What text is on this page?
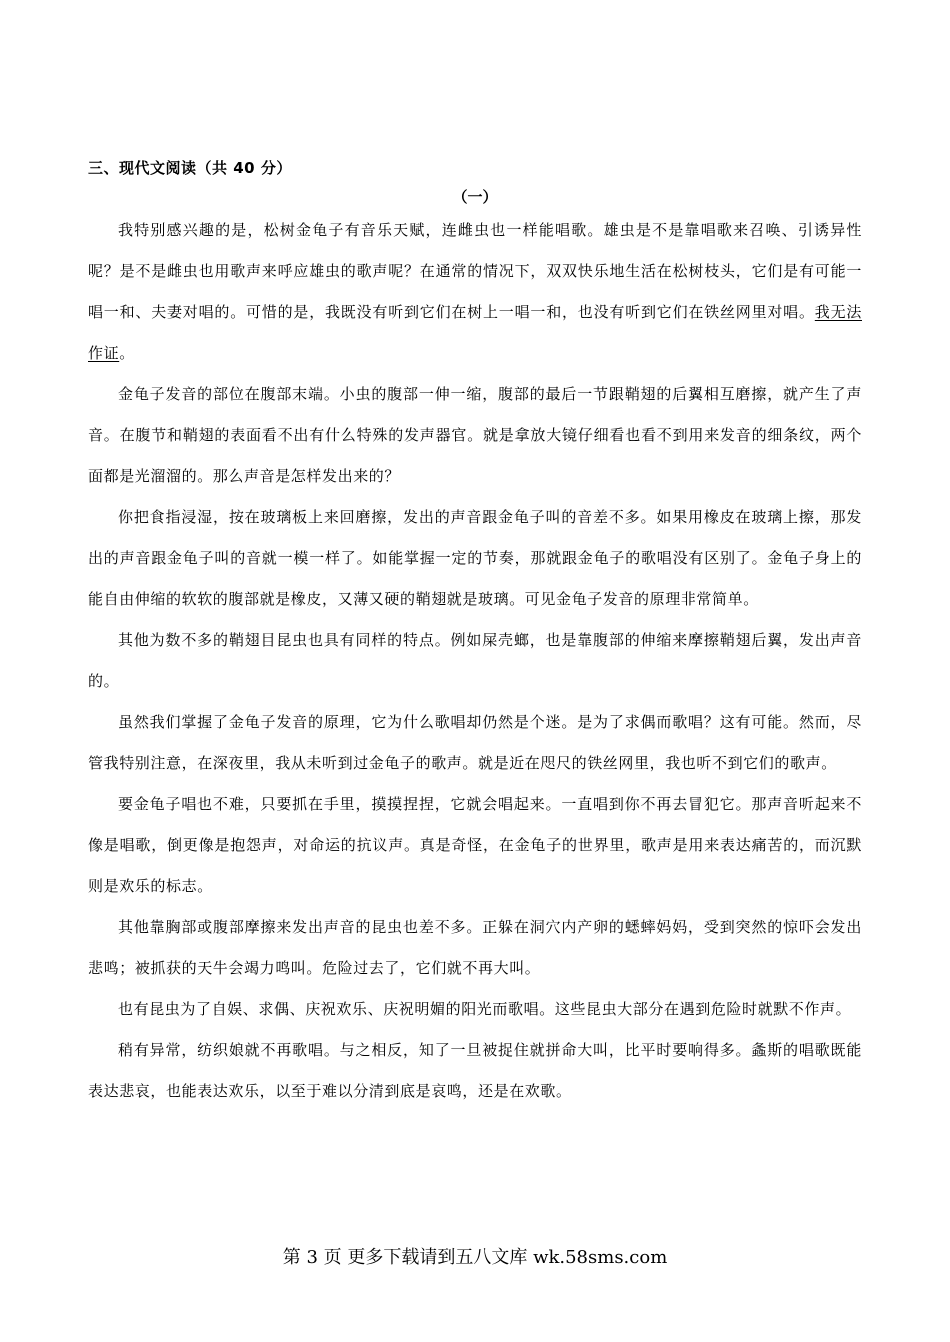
三、现代文阅读（共 40 分）
（一）

我特别感兴趣的是，松树金龟子有音乐天赋，连雌虫也一样能唱歌。雄虫是不是靠唱歌来召唤、引诱异性呢？是不是雌虫也用歌声来呼应雄虫的歌声呢？在通常的情况下，双双快乐地生活在松树枝头，它们是有可能一唱一和、夫妻对唱的。可惜的是，我既没有听到它们在树上一唱一和，也没有听到它们在铁丝网里对唱。我无法作证。

金龟子发音的部位在腹部末端。小虫的腹部一伸一缩，腹部的最后一节跟鞘翅的后翼相互磨擦，就产生了声音。在腹节和鞘翅的表面看不出有什么特殊的发声器官。就是拿放大镜仔细看也看不到用来发音的细条纹，两个面都是光溜溜的。那么声音是怎样发出来的？

你把食指浸湿，按在玻璃板上来回磨擦，发出的声音跟金龟子叫的音差不多。如果用橡皮在玻璃上擦，那发出的声音跟金龟子叫的音就一模一样了。如能掌握一定的节奏，那就跟金龟子的歌唱没有区别了。金龟子身上的能自由伸缩的软软的腹部就是橡皮，又薄又硬的鞘翅就是玻璃。可见金龟子发音的原理非常简单。

其他为数不多的鞘翅目昆虫也具有同样的特点。例如屎壳螂，也是靠腹部的伸缩来摩擦鞘翅后翼，发出声音的。

虽然我们掌握了金龟子发音的原理，它为什么歌唱却仍然是个迷。是为了求偶而歌唱？这有可能。然而，尽管我特别注意，在深夜里，我从未听到过金龟子的歌声。就是近在咫尺的铁丝网里，我也听不到它们的歌声。

要金龟子唱也不难，只要抓在手里，摸摸捏捏，它就会唱起来。一直唱到你不再去冒犯它。那声音听起来不像是唱歌，倒更像是抱怨声，对命运的抗议声。真是奇怪，在金龟子的世界里，歌声是用来表达痛苦的，而沉默则是欢乐的标志。

其他靠胸部或腹部摩擦来发出声音的昆虫也差不多。正躲在洞穴内产卵的蟋蟀妈妈，受到突然的惊吓会发出悲鸣；被抓获的天牛会竭力鸣叫。危险过去了，它们就不再大叫。

也有昆虫为了自娱、求偶、庆祝欢乐、庆祝明媚的阳光而歌唱。这些昆虫大部分在遇到危险时就默不作声。

稍有异常，纺织娘就不再歌唱。与之相反，知了一旦被捉住就拼命大叫，比平时要响得多。螽斯的唱歌既能表达悲哀，也能表达欢乐，以至于难以分清到底是哀鸣，还是在欢歌。

第 3 页 更多下载请到五八文库 wk.58sms.com
